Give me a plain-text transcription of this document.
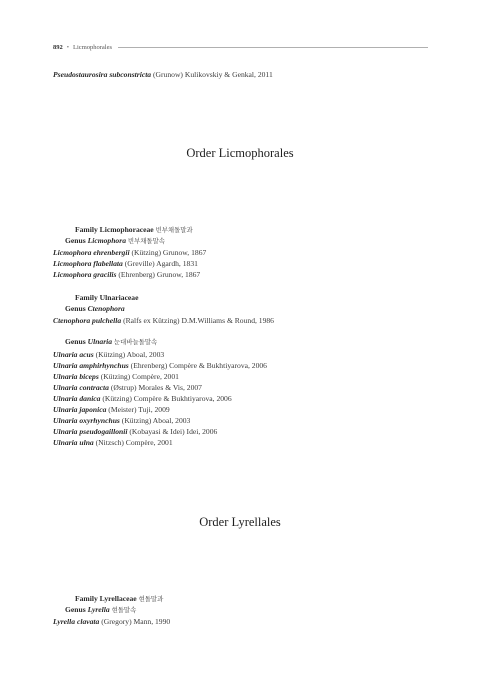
892 • Licmophorales
Pseudostaurosira subconstricta (Grunow) Kulikovskiy & Genkal, 2011
Order Licmophorales
Family Licmophoraceae 빈부채돌말과
Genus Licmophora 빈부채돌말속
Licmophora ehrenbergii (Kützing) Grunow, 1867
Licmophora flabellata (Greville) Agardh, 1831
Licmophora gracilis (Ehrenberg) Grunow, 1867
Family Ulnariaceae
Genus Ctenophora
Ctenophora pulchella (Ralfs ex Kützing) D.M.Williams & Round, 1986
Genus Ulnaria 눈대바늘돌말속
Ulnaria acus (Kützing) Aboal, 2003
Ulnaria amphirhynchus (Ehrenberg) Compère & Bukhtiyarova, 2006
Ulnaria biceps (Kützing) Compère, 2001
Ulnaria contracta (Østrup) Morales & Vis, 2007
Ulnaria danica (Kützing) Compère & Bukhtiyarova, 2006
Ulnaria japonica (Meister) Tuji, 2009
Ulnaria oxyrhynchus (Kützing) Aboal, 2003
Ulnaria pseudogaillonii (Kobayasi & Idei) Idei, 2006
Ulnaria ulna (Nitzsch) Compère, 2001
Order Lyrellales
Family Lyrellaceae 현돌말과
Genus Lyrella 현돌말속
Lyrella clavata (Gregory) Mann, 1990
